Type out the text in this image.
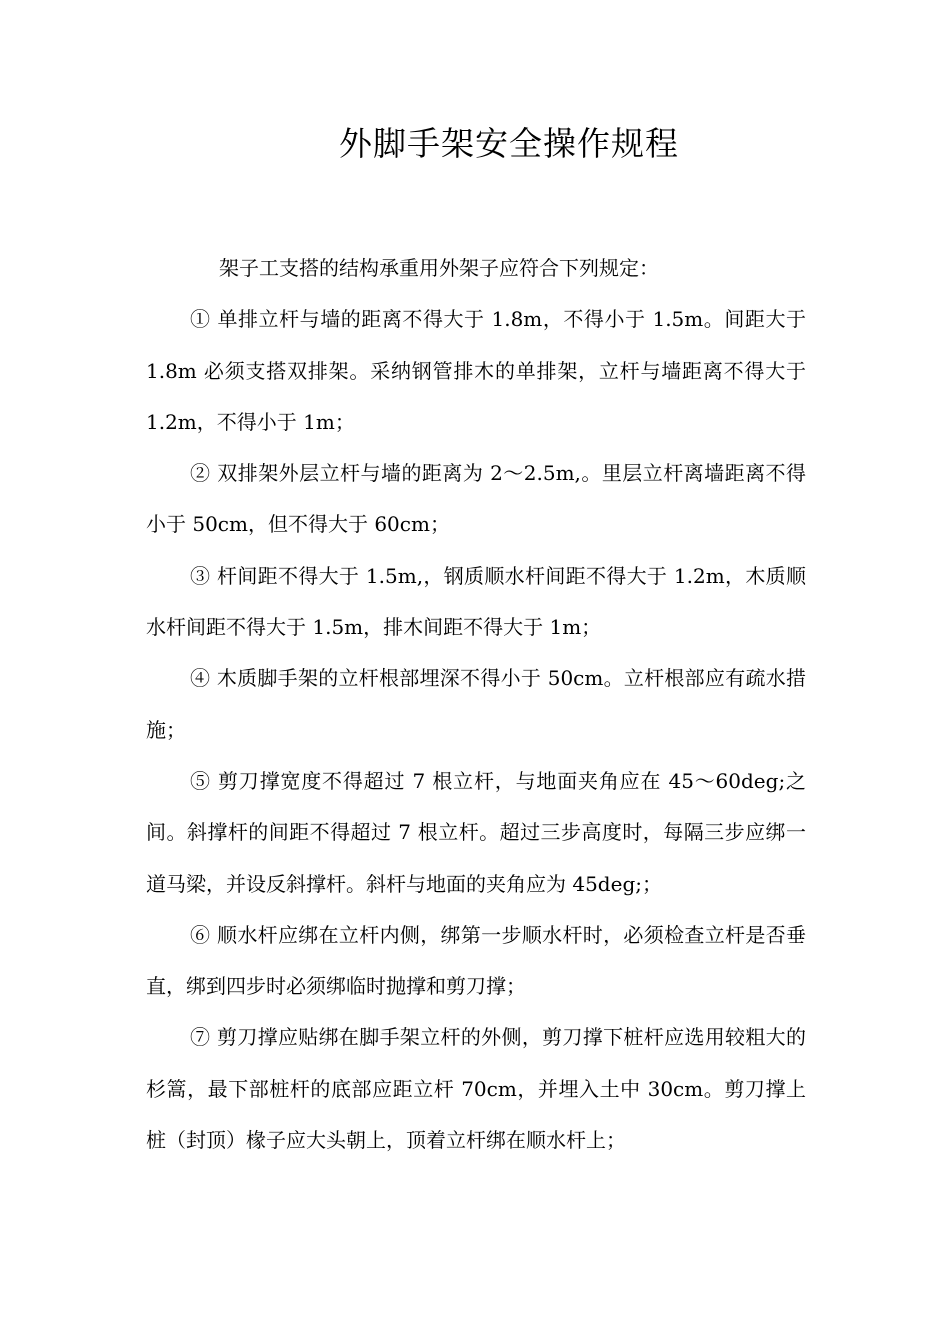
外脚手架安全操作规程

架子工支搭的结构承重用外架子应符合下列规定：

① 单排立杆与墙的距离不得大于 1.8m，不得小于 1.5m。间距大于 1.8m 必须支搭双排架。采纳钢管排木的单排架，立杆与墙距离不得大于 1.2m，不得小于 1m；

② 双排架外层立杆与墙的距离为 2～2.5m,。里层立杆离墙距离不得小于 50cm，但不得大于 60cm；

③ 杆间距不得大于 1.5m,，钢质顺水杆间距不得大于 1.2m，木质顺水杆间距不得大于 1.5m，排木间距不得大于 1m；

④ 木质脚手架的立杆根部埋深不得小于 50cm。立杆根部应有疏水措施；

⑤ 剪刀撑宽度不得超过 7 根立杆，与地面夹角应在 45～60deg;之间。斜撑杆的间距不得超过 7 根立杆。超过三步高度时，每隔三步应绑一道马梁，并设反斜撑杆。斜杆与地面的夹角应为 45deg;；

⑥ 顺水杆应绑在立杆内侧，绑第一步顺水杆时，必须检查立杆是否垂直，绑到四步时必须绑临时抛撑和剪刀撑；

⑦ 剪刀撑应贴绑在脚手架立杆的外侧，剪刀撑下桩杆应选用较粗大的杉篙，最下部桩杆的底部应距立杆 70cm，并埋入土中 30cm。剪刀撑上桩（封顶）椽子应大头朝上，顶着立杆绑在顺水杆上；
